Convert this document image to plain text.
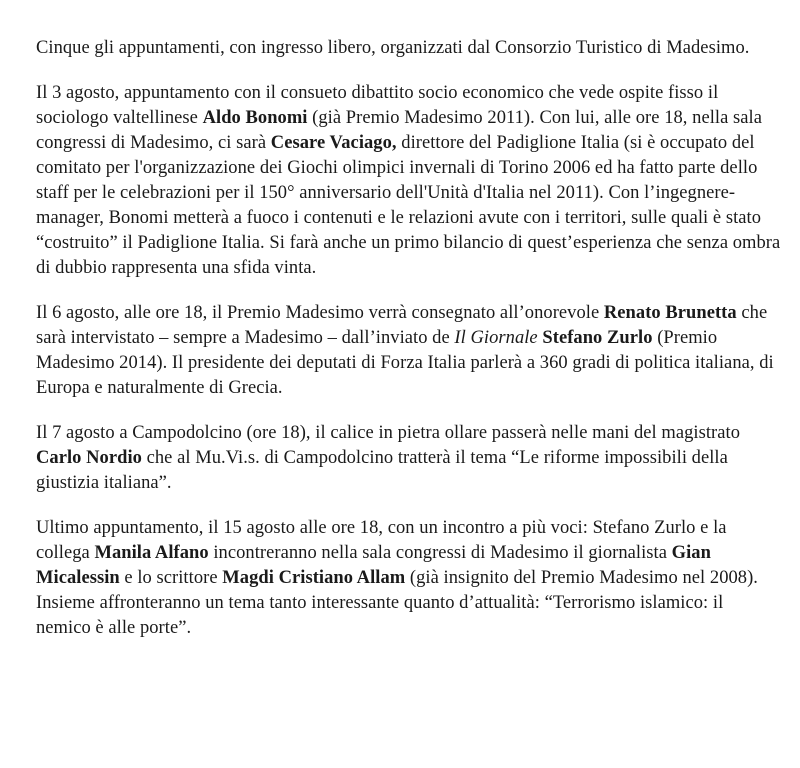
Cinque gli appuntamenti, con ingresso libero, organizzati dal Consorzio Turistico di Madesimo.

Il 3 agosto, appuntamento con il consueto dibattito socio economico che vede ospite fisso il sociologo valtellinese Aldo Bonomi (già Premio Madesimo 2011). Con lui, alle ore 18, nella sala congressi di Madesimo, ci sarà Cesare Vaciago, direttore del Padiglione Italia (si è occupato del comitato per l'organizzazione dei Giochi olimpici invernali di Torino 2006 ed ha fatto parte dello staff per le celebrazioni per il 150° anniversario dell'Unità d'Italia nel 2011). Con l’ingegnere-manager, Bonomi metterà a fuoco i contenuti e le relazioni avute con i territori, sulle quali è stato “costruito” il Padiglione Italia. Si farà anche un primo bilancio di quest’esperienza che senza ombra di dubbio rappresenta una sfida vinta.

Il 6 agosto, alle ore 18, il Premio Madesimo verrà consegnato all’onorevole Renato Brunetta che sarà intervistato – sempre a Madesimo – dall’inviato de Il Giornale Stefano Zurlo (Premio Madesimo 2014). Il presidente dei deputati di Forza Italia parlerà a 360 gradi di politica italiana, di Europa e naturalmente di Grecia.

Il 7 agosto a Campodolcino (ore 18), il calice in pietra ollare passerà nelle mani del magistrato Carlo Nordio che al Mu.Vi.s. di Campodolcino tratterà il tema “Le riforme impossibili della giustizia italiana”.

Ultimo appuntamento, il 15 agosto alle ore 18, con un incontro a più voci: Stefano Zurlo e la collega Manila Alfano incontreranno nella sala congressi di Madesimo il giornalista Gian Micalessin e lo scrittore Magdi Cristiano Allam (già insignito del Premio Madesimo nel 2008). Insieme affronteranno un tema tanto interessante quanto d’attualità: “Terrorismo islamico: il nemico è alle porte”.
